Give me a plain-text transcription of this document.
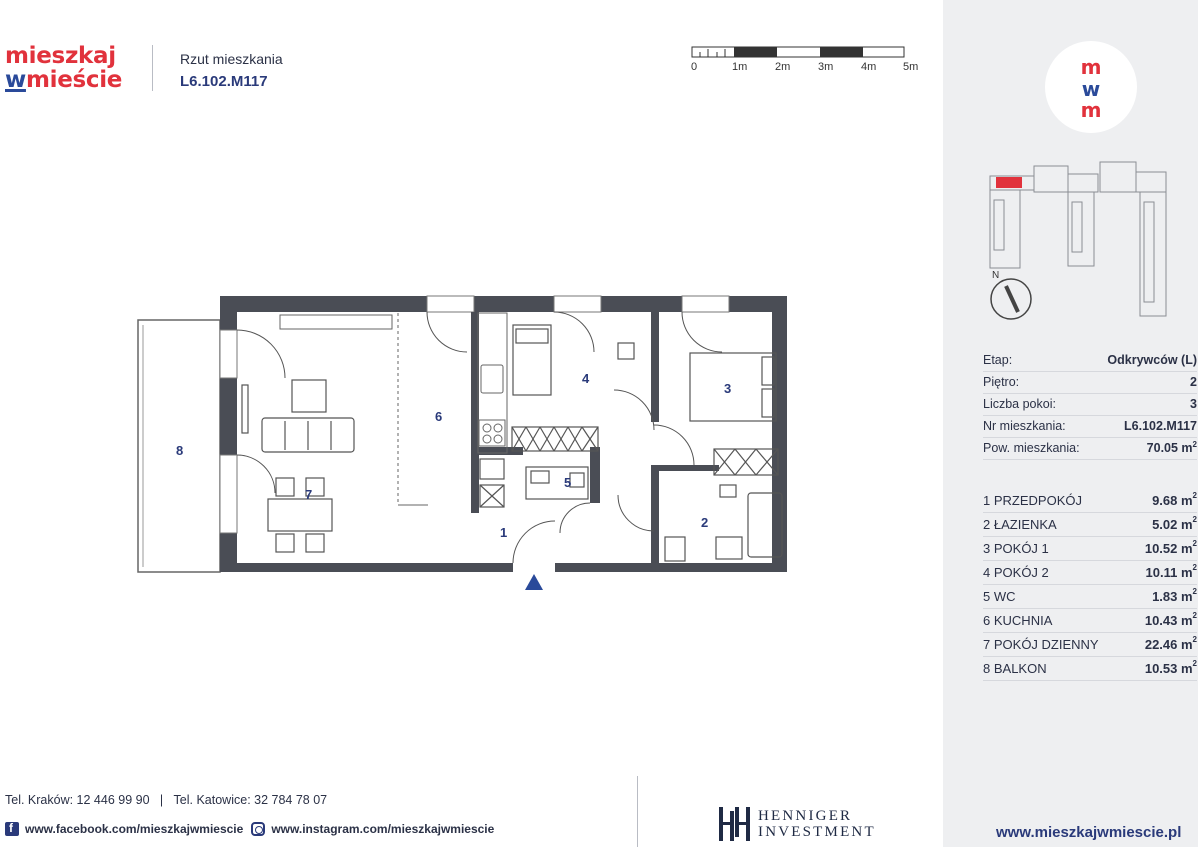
mieszkaj
wmieście
Rzut mieszkania
L6.102.M117
0	1m	2m	3m	4m 5m
1
2
3
4
5
6
7
8
m
w
m
N
Etap:	Odkrywców (L)
Piętro:	2
Liczba pokoi:	3
Nr mieszkania:	L6.102.M117
Pow. mieszkania:	70.05 $m^2$
1 PRZEDPOKÓJ	9.68 $m^2$
2 ŁAZIENKA	5.02 $m^2$
3 POKÓJ 1	10.52 $m^2$
4 POKÓJ 2	10.11 $m^2$
5 WC	1.83 $m^2$
6 KUCHNIA	10.43 $m^2$
7 POKÓJ DZIENNY	22.46 $m^2$
8 BALKON	10.53 $m^2$
www.mieszkajwmiescie.pl
Tel. Kraków: 12 446 99 90 | Tel. Katowice: 32 784 78 07
f
www.facebook.com/mieszkajwmiescie www.instagram.com/mieszkajwmiescie
HENNIGER INVESTMENT
